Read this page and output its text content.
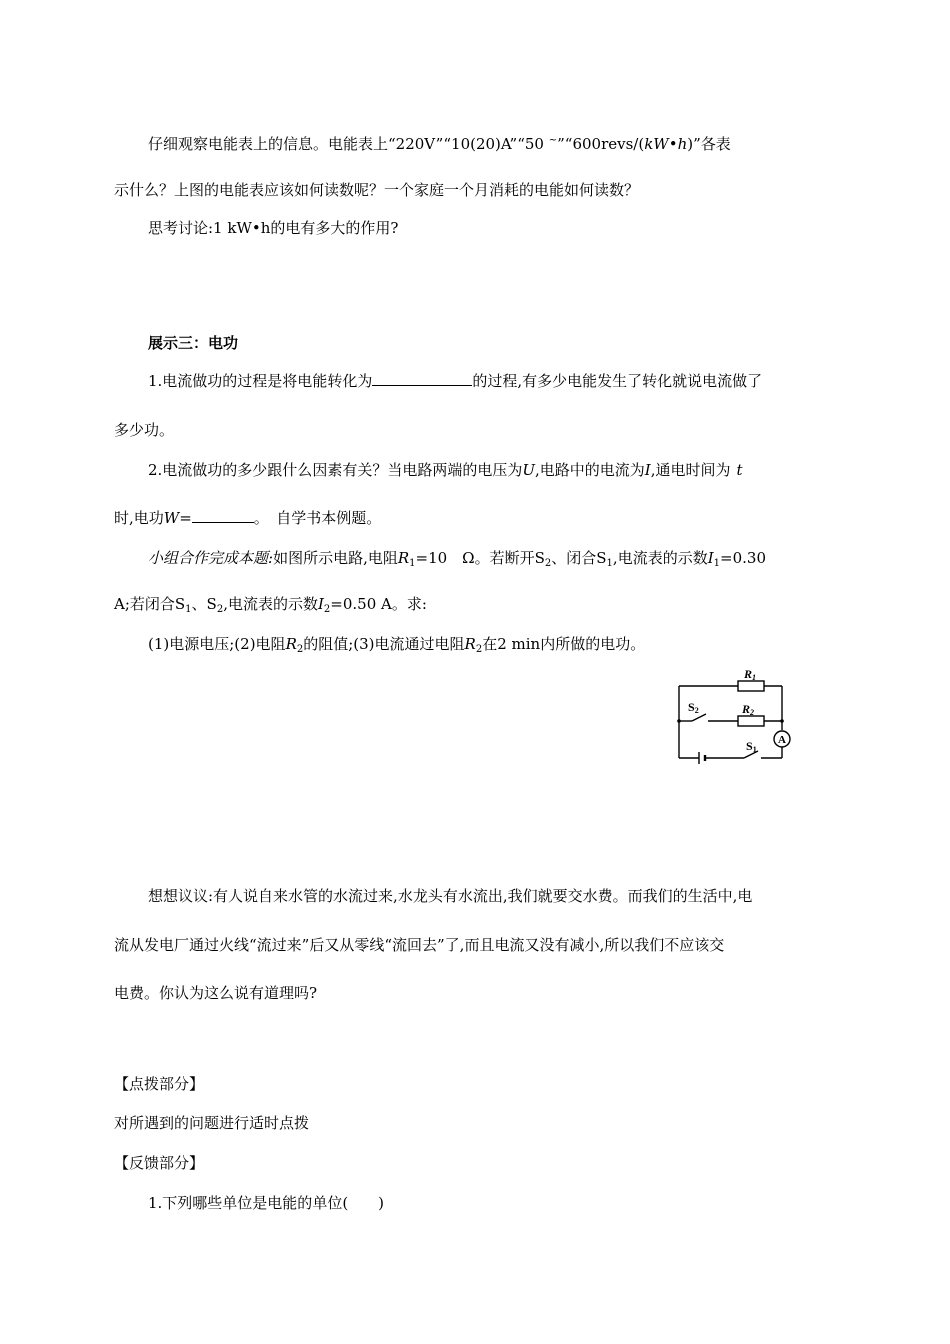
仔细观察电能表上的信息。电能表上“220V”“10(20)A”“50 ~”“600revs/(kW•h)”各表
示什么？上图的电能表应该如何读数呢？一个家庭一个月消耗的电能如何读数？
思考讨论:1 kW•h的电有多大的作用?
展示三：电功
1.电流做功的过程是将电能转化为	的过程,有多少电能发生了转化就说电流做了
多少功。
2.电流做功的多少跟什么因素有关？当电路两端的电压为U,电路中的电流为I,通电时间为 t
时,电功W=	。　自学书本例题。
小组合作完成本题:如图所示电路,电阻$R_1=10$　Ω。若断开$S_2$、闭合$S_1$,电流表的示数$I_1=0.30$
A;若闭合$S_1$、$S_2$,电流表的示数$I_2=0.50$ A。求:
(1)电源电压;(2)电阻$R_2$的阻值;(3)电流通过电阻$R_2$在2 min内所做的电功。
R1
R2
S2
S1
A
想想议议:有人说自来水管的水流过来,水龙头有水流出,我们就要交水费。而我们的生活中,电
流从发电厂通过火线“流过来”后又从零线“流回去”了,而且电流又没有减小,所以我们不应该交
电费。你认为这么说有道理吗?
【点拨部分】
对所遇到的问题进行适时点拨
【反馈部分】
1.下列哪些单位是电能的单位(　　)
